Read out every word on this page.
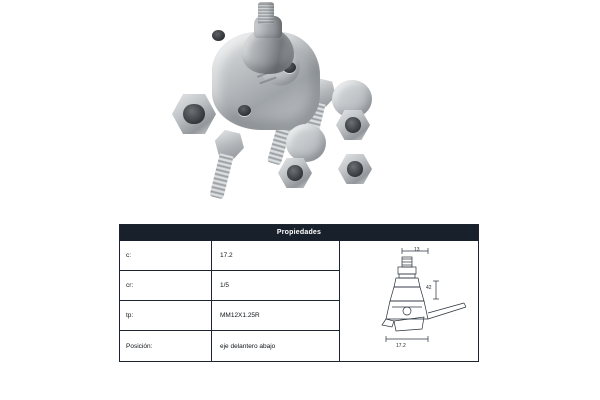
Propiedades
c:	17.2
cr:	1/5
tp:	MM12X1.25R
Posición:	eje delantero abajo
13
42
17.2
